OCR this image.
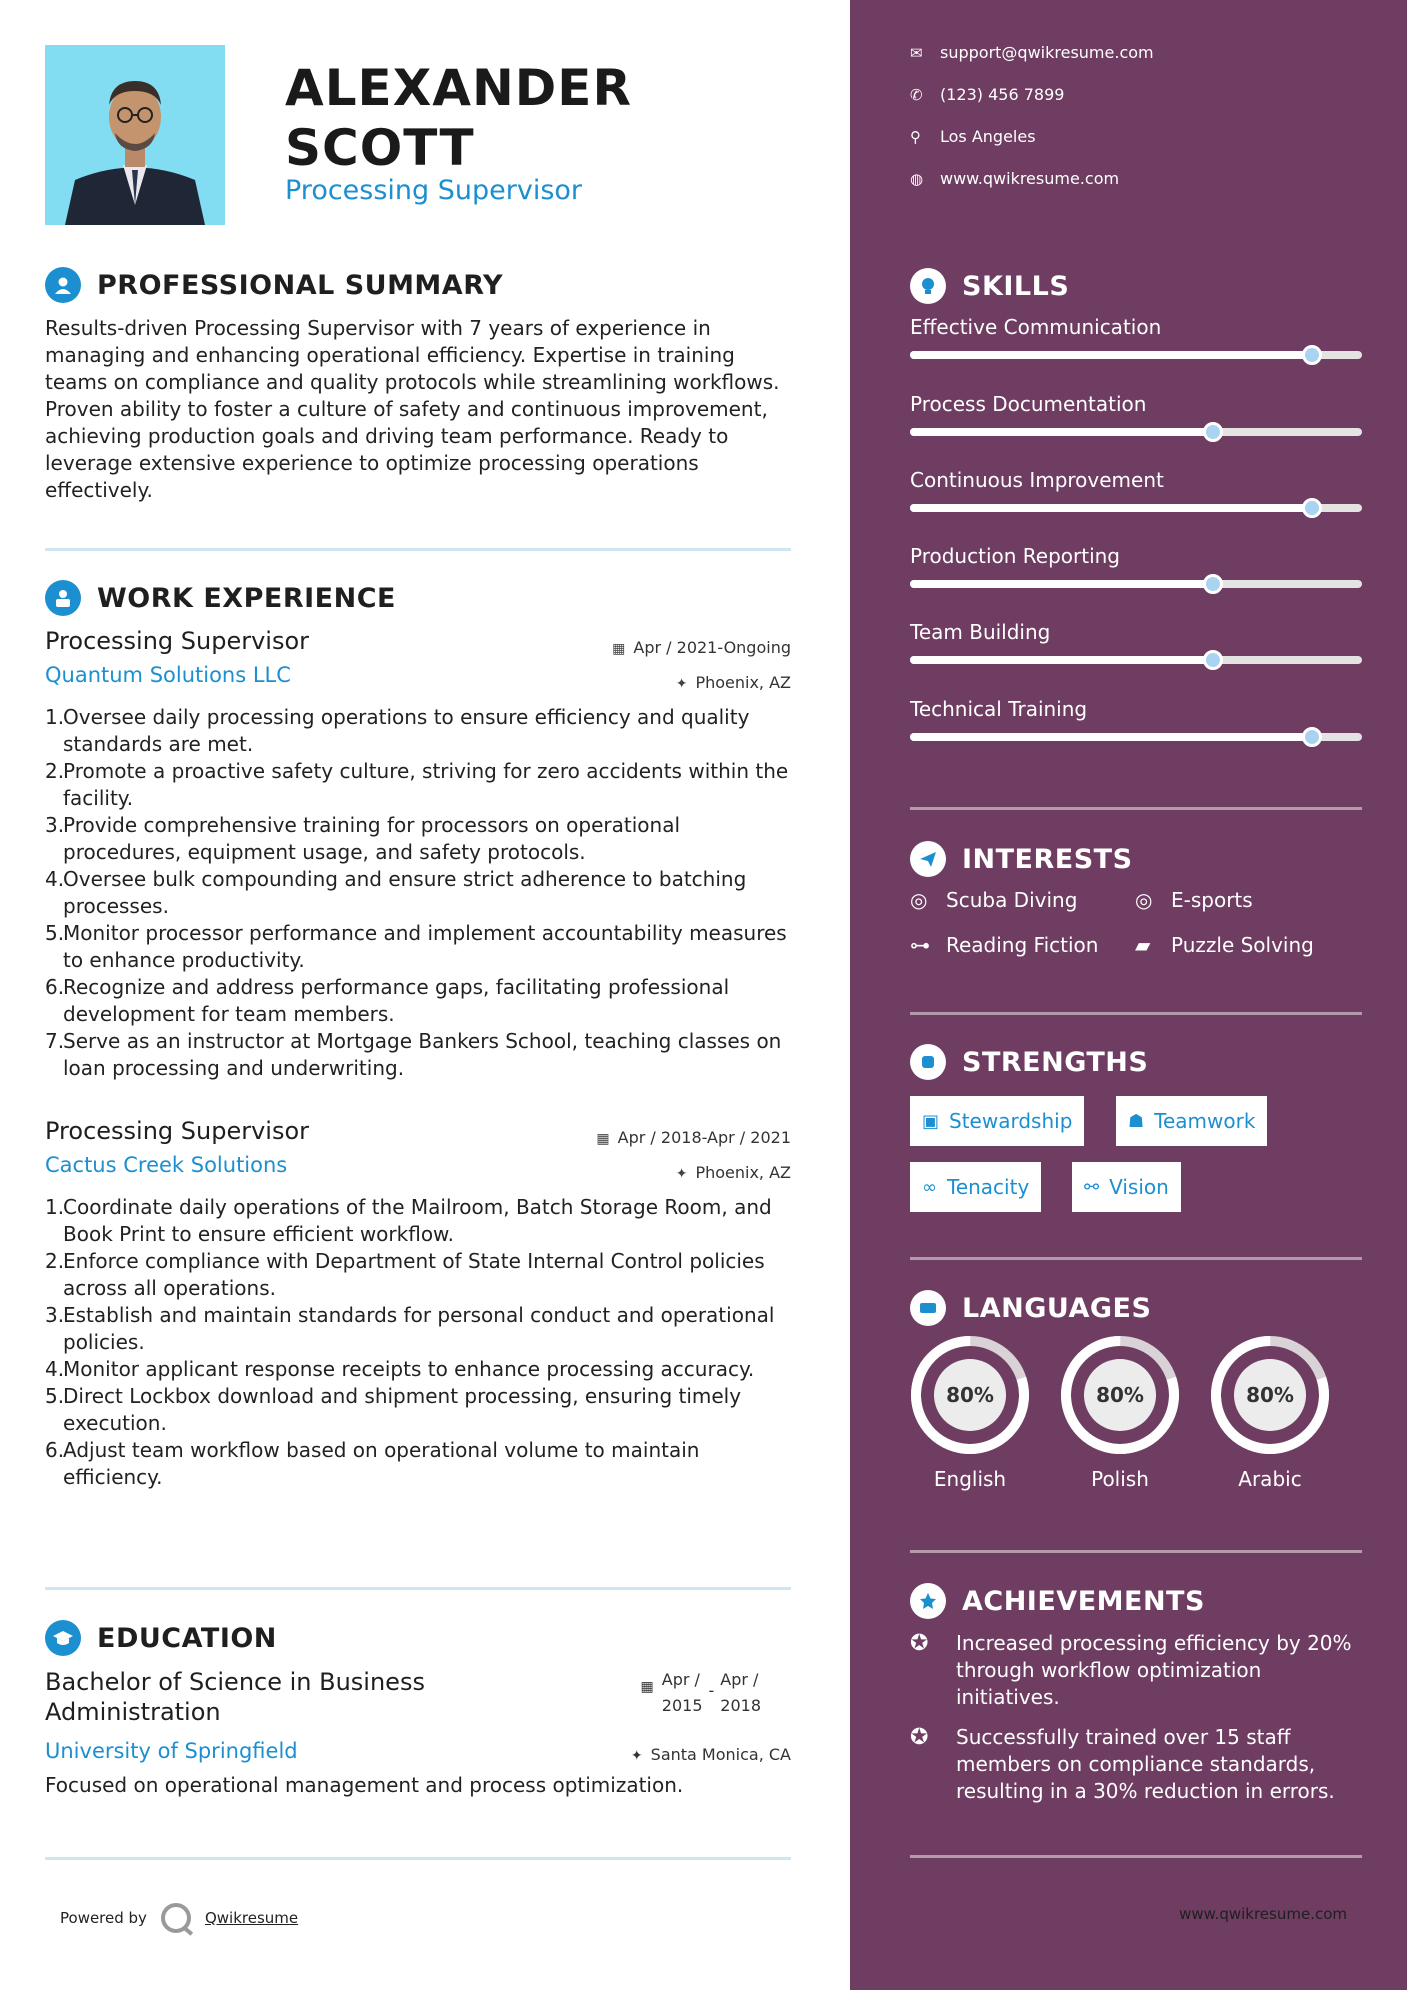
ALEXANDER SCOTT
Processing Supervisor
PROFESSIONAL SUMMARY
Results-driven Processing Supervisor with 7 years of experience in managing and enhancing operational efficiency. Expertise in training teams on compliance and quality protocols while streamlining workflows. Proven ability to foster a culture of safety and continuous improvement, achieving production goals and driving team performance. Ready to leverage extensive experience to optimize processing operations effectively.
WORK EXPERIENCE
Processing Supervisor
Quantum Solutions LLC
▦ Apr / 2021-Ongoing
✦ Phoenix, AZ
1.
Oversee daily processing operations to ensure efficiency and quality standards are met.
2.
Promote a proactive safety culture, striving for zero accidents within the facility.
3.
Provide comprehensive training for processors on operational procedures, equipment usage, and safety protocols.
4.
Oversee bulk compounding and ensure strict adherence to batching processes.
5.
Monitor processor performance and implement accountability measures to enhance productivity.
6.
Recognize and address performance gaps, facilitating professional development for team members.
7.
Serve as an instructor at Mortgage Bankers School, teaching classes on loan processing and underwriting.
Processing Supervisor
Cactus Creek Solutions
▦ Apr / 2018-Apr / 2021
✦ Phoenix, AZ
1.
Coordinate daily operations of the Mailroom, Batch Storage Room, and Book Print to ensure efficient workflow.
2.
Enforce compliance with Department of State Internal Control policies across all operations.
3.
Establish and maintain standards for personal conduct and operational policies.
4.
Monitor applicant response receipts to enhance processing accuracy.
5.
Direct Lockbox download and shipment processing, ensuring timely execution.
6.
Adjust team workflow based on operational volume to maintain efficiency.
EDUCATION
Bachelor of Science in Business Administration
University of Springfield
Focused on operational management and process optimization.
▦ Apr /
2015
-
Apr /
2018
✦ Santa Monica, CA
Powered by	Qwikresume
✉	support@qwikresume.com
✆	(123) 456 7899
⚲	Los Angeles
◍	www.qwikresume.com
SKILLS
Effective Communication
Process Documentation
Continuous Improvement
Production Reporting
Team Building
Technical Training
INTERESTS
◎ Scuba Diving	◎ E-sports
⊶ Reading Fiction ▰	Puzzle Solving
STRENGTHS
▣ Stewardship	☗ Teamwork
∞ Tenacity	⚯ Vision
LANGUAGES
80%
English
80%
Polish
80%
Arabic
ACHIEVEMENTS
✪	Increased processing efficiency by 20% through workflow optimization initiatives.
✪	Successfully trained over 15 staff members on compliance standards, resulting in a 30% reduction in errors.
www.qwikresume.com
